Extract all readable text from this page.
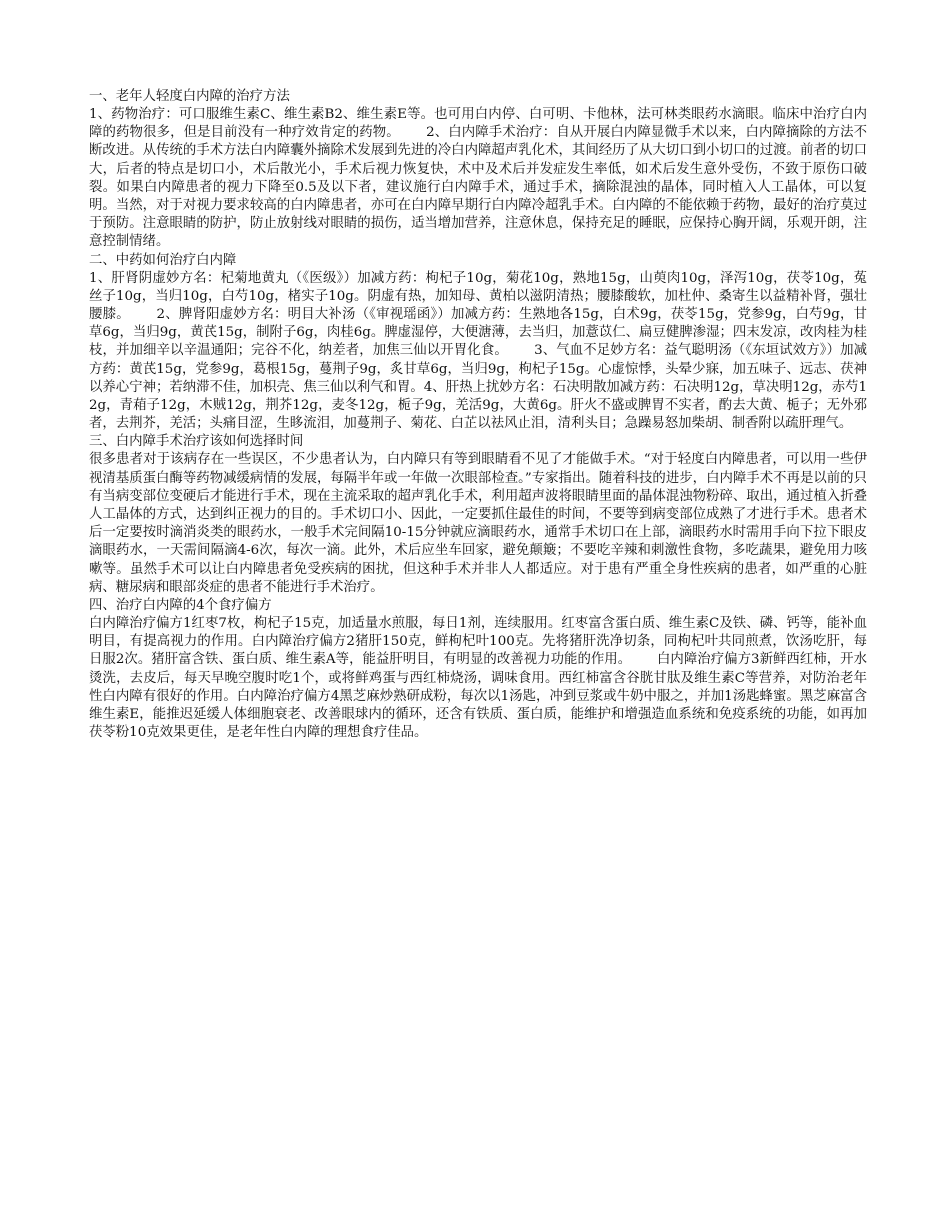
一、老年人轻度白内障的治疗方法

1、药物治疗：可口服维生素C、维生素B2、维生素E等。也可用白内停、白可明、卡他林，法可林类眼药水滴眼。临床中治疗白内障的药物很多，但是目前没有一种疗效肯定的药物。      2、白内障手术治疗：自从开展白内障显微手术以来，白内障摘除的方法不断改进。从传统的手术方法白内障囊外摘除术发展到先进的冷白内障超声乳化术，其间经历了从大切口到小切口的过渡。前者的切口大，后者的特点是切口小，术后散光小，手术后视力恢复快，术中及术后并发症发生率低，如术后发生意外受伤，不致于原伤口破裂。如果白内障患者的视力下降至0.5及以下者，建议施行白内障手术，通过手术，摘除混浊的晶体，同时植入人工晶体，可以复明。当然，对于对视力要求较高的白内障患者，亦可在白内障早期行白内障冷超乳手术。白内障的不能依赖于药物，最好的治疗莫过于预防。注意眼睛的防护，防止放射线对眼睛的损伤，适当增加营养，注意休息，保持充足的睡眠，应保持心胸开阔，乐观开朗，注意控制情绪。

二、中药如何治疗白内障

1、肝肾阴虚妙方名：杞菊地黄丸（《医级》）加减方药：枸杞子10g，菊花10g，熟地15g，山萸肉10g，泽泻10g，茯苓10g，菟丝子10g，当归10g，白芍10g，楮实子10g。阴虚有热，加知母、黄柏以滋阴清热；腰膝酸软，加杜仲、桑寄生以益精补肾，强壮腰膝。      2、脾肾阳虚妙方名：明目大补汤（《审视瑶函》）加减方药：生熟地各15g，白术9g，茯苓15g，党参9g，白芍9g，甘草6g，当归9g，黄芪15g，制附子6g，肉桂6g。脾虚湿停，大便溏薄，去当归，加薏苡仁、扁豆健脾渗湿；四末发凉，改肉桂为桂枝，并加细辛以辛温通阳；完谷不化，纳差者，加焦三仙以开胃化食。      3、气血不足妙方名：益气聪明汤（《东垣试效方》）加减方药：黄芪15g，党参9g，葛根15g，蔓荆子9g，炙甘草6g，当归9g，枸杞子15g。心虚惊悸，头晕少寐，加五味子、远志、茯神以养心宁神；若纳滞不佳，加枳壳、焦三仙以利气和胃。4、肝热上扰妙方名：石决明散加减方药：石决明12g，草决明12g，赤芍12g，青葙子12g，木贼12g，荆芥12g，麦冬12g，栀子9g，羌活9g，大黄6g。肝火不盛或脾胃不实者，酌去大黄、栀子；无外邪者，去荆芥，羌活；头痛目涩，生眵流泪，加蔓荆子、菊花、白芷以祛风止泪，清利头目；急躁易怒加柴胡、制香附以疏肝理气。

三、白内障手术治疗该如何选择时间

很多患者对于该病存在一些误区，不少患者认为，白内障只有等到眼睛看不见了才能做手术。“对于轻度白内障患者，可以用一些伊视清基质蛋白酶等药物减缓病情的发展，每隔半年或一年做一次眼部检查。”专家指出。随着科技的进步，白内障手术不再是以前的只有当病变部位变硬后才能进行手术，现在主流采取的超声乳化手术，利用超声波将眼睛里面的晶体混浊物粉碎、取出，通过植入折叠人工晶体的方式，达到纠正视力的目的。手术切口小、因此，一定要抓住最佳的时间，不要等到病变部位成熟了才进行手术。患者术后一定要按时滴消炎类的眼药水，一般手术完间隔10-15分钟就应滴眼药水，通常手术切口在上部，滴眼药水时需用手向下拉下眼皮滴眼药水，一天需间隔滴4-6次，每次一滴。此外，术后应坐车回家，避免颠簸；不要吃辛辣和刺激性食物，多吃蔬果，避免用力咳嗽等。虽然手术可以让白内障患者免受疾病的困扰，但这种手术并非人人都适应。对于患有严重全身性疾病的患者，如严重的心脏病、糖尿病和眼部炎症的患者不能进行手术治疗。

四、治疗白内障的4个食疗偏方

白内障治疗偏方1红枣7枚，枸杞子15克，加适量水煎服，每日1剂，连续服用。红枣富含蛋白质、维生素C及铁、磷、钙等，能补血明目，有提高视力的作用。白内障治疗偏方2猪肝150克，鲜枸杞叶100克。先将猪肝洗净切条，同枸杞叶共同煎煮，饮汤吃肝，每日服2次。猪肝富含铁、蛋白质、维生素A等，能益肝明目，有明显的改善视力功能的作用。      白内障治疗偏方3新鲜西红柿，开水烫洗，去皮后，每天早晚空腹时吃1个，或将鲜鸡蛋与西红柿烧汤，调味食用。西红柿富含谷胱甘肽及维生素C等营养，对防治老年性白内障有很好的作用。白内障治疗偏方4黑芝麻炒熟研成粉，每次以1汤匙，冲到豆浆或牛奶中服之，并加1汤匙蜂蜜。黑芝麻富含维生素E，能推迟延缓人体细胞衰老、改善眼球内的循环，还含有铁质、蛋白质，能维护和增强造血系统和免疫系统的功能，如再加茯苓粉10克效果更佳，是老年性白内障的理想食疗佳品。
